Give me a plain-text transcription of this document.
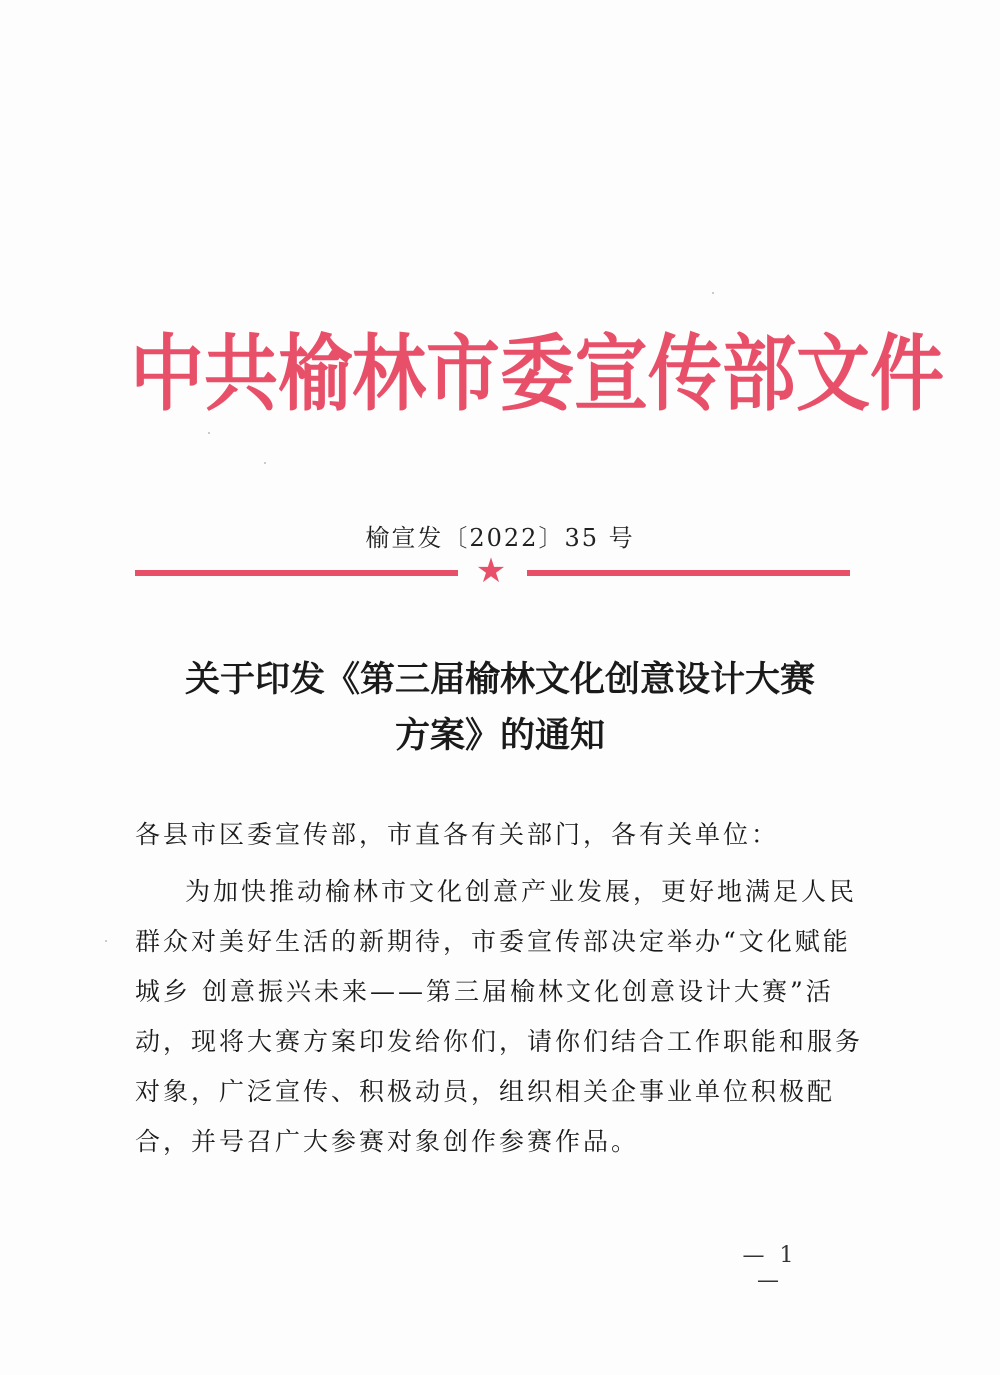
中共榆林市委宣传部文件
榆宣发〔2022〕35 号
★
关于印发《第三届榆林文化创意设计大赛
方案》的通知
各县市区委宣传部，市直各有关部门，各有关单位：
为加快推动榆林市文化创意产业发展，更好地满足人民
群众对美好生活的新期待，市委宣传部决定举办“文化赋能
城乡 创意振兴未来——第三届榆林文化创意设计大赛”活
动，现将大赛方案印发给你们，请你们结合工作职能和服务
对象，广泛宣传、积极动员，组织相关企事业单位积极配
合，并号召广大参赛对象创作参赛作品。
— 1 —
